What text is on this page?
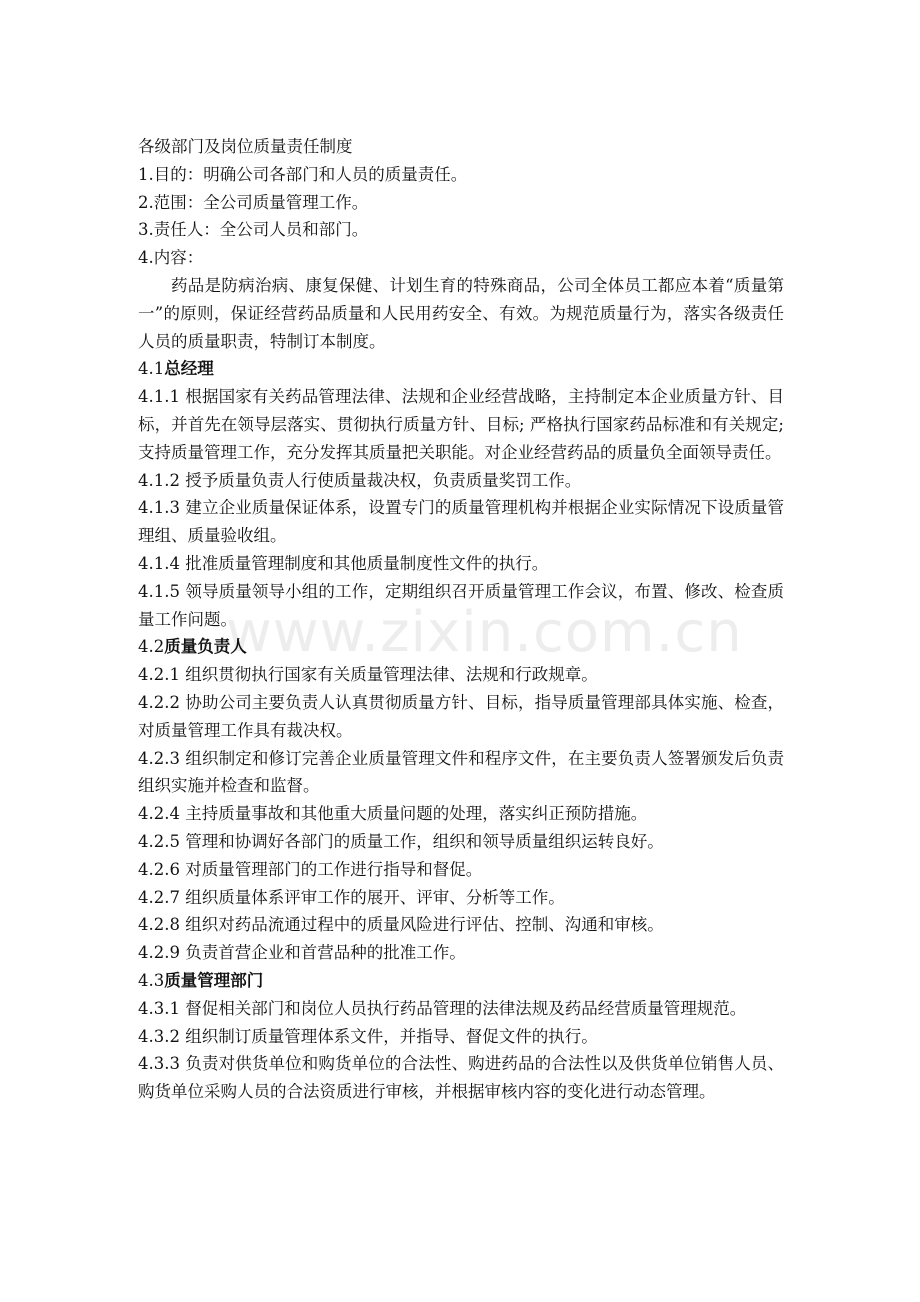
www.zixin.com.cn

各级部门及岗位质量责任制度

1.目的：明确公司各部门和人员的质量责任。

2.范围：全公司质量管理工作。

3.责任人：全公司人员和部门。

4.内容：

药品是防病治病、康复保健、计划生育的特殊商品，公司全体员工都应本着“质量第一”的原则，保证经营药品质量和人民用药安全、有效。为规范质量行为，落实各级责任人员的质量职责，特制订本制度。

4.1总经理

4.1.1 根据国家有关药品管理法律、法规和企业经营战略，主持制定本企业质量方针、目标，并首先在领导层落实、贯彻执行质量方针、目标; 严格执行国家药品标准和有关规定; 支持质量管理工作，充分发挥其质量把关职能。对企业经营药品的质量负全面领导责任。

4.1.2 授予质量负责人行使质量裁决权，负责质量奖罚工作。

4.1.3 建立企业质量保证体系，设置专门的质量管理机构并根据企业实际情况下设质量管理组、质量验收组。

4.1.4 批准质量管理制度和其他质量制度性文件的执行。

4.1.5 领导质量领导小组的工作，定期组织召开质量管理工作会议，布置、修改、检查质量工作问题。

4.2质量负责人

4.2.1 组织贯彻执行国家有关质量管理法律、法规和行政规章。

4.2.2 协助公司主要负责人认真贯彻质量方针、目标，指导质量管理部具体实施、检查，对质量管理工作具有裁决权。

4.2.3 组织制定和修订完善企业质量管理文件和程序文件，在主要负责人签署颁发后负责组织实施并检查和监督。

4.2.4 主持质量事故和其他重大质量问题的处理，落实纠正预防措施。

4.2.5 管理和协调好各部门的质量工作，组织和领导质量组织运转良好。

4.2.6 对质量管理部门的工作进行指导和督促。

4.2.7 组织质量体系评审工作的展开、评审、分析等工作。

4.2.8 组织对药品流通过程中的质量风险进行评估、控制、沟通和审核。

4.2.9 负责首营企业和首营品种的批准工作。

4.3质量管理部门

4.3.1 督促相关部门和岗位人员执行药品管理的法律法规及药品经营质量管理规范。

4.3.2 组织制订质量管理体系文件，并指导、督促文件的执行。

4.3.3 负责对供货单位和购货单位的合法性、购进药品的合法性以及供货单位销售人员、购货单位采购人员的合法资质进行审核，并根据审核内容的变化进行动态管理。
